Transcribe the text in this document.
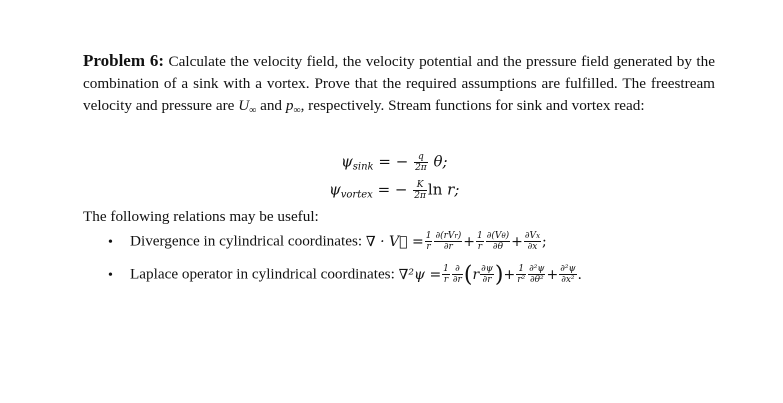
Problem 6: Calculate the velocity field, the velocity potential and the pressure field generated by the combination of a sink with a vortex. Prove that the required assumptions are fulfilled. The freestream velocity and pressure are $U_\infty$ and $p_\infty$, respectively. Stream functions for sink and vortex read:

$\psi_{sink}$ = − $\frac{q}{2\pi} \theta$;
$\psi_{vortex}$ = − $\frac{K}{2\pi}$ ln r;
The following relations may be useful:
• Divergence in cylindrical coordinates: ∇ · V⃗ = $\frac{1}{r} \frac{\text{∂(rVr)}}{\partial r} + \frac{1}{r} \frac{\partial(V\theta)}{\partial\theta} + \frac{\partial Vx}{\partial x}$ ;
• Laplace operator in cylindrical coordinates: $\nabla^2\psi = \frac{1}{r} \frac{\partial}{\partial r} (r \frac{\partial\psi}{\partial r}$ )+ $\frac{1}{\text{r²}} \frac{\text{∂²ψ}}{\text{∂θ²}} + \frac{\text{∂²ψ}}{\text{∂x²}}$ .
